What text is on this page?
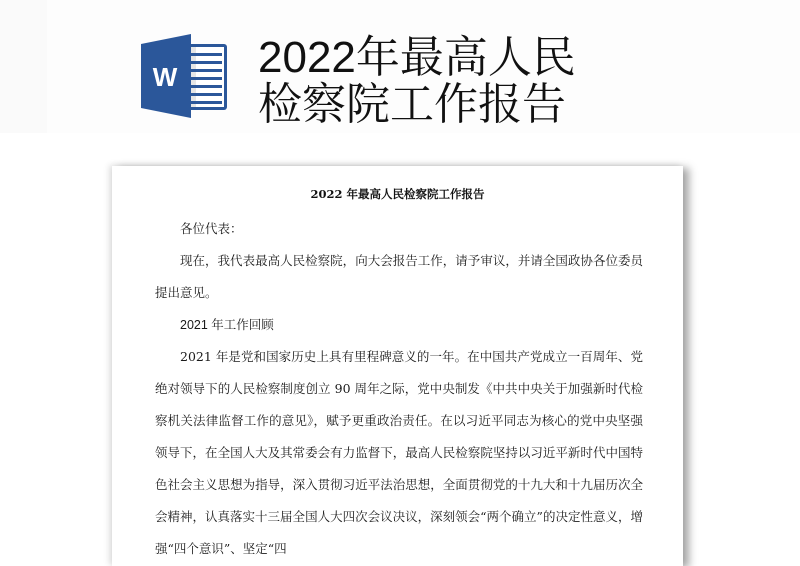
W 2022年最高人民
检察院工作报告
2022 年最高人民检察院工作报告

各位代表：

现在，我代表最高人民检察院，向大会报告工作，请予审议，并请全国政协各位委员提出意见。

2021 年工作回顾

2021 年是党和国家历史上具有里程碑意义的一年。在中国共产党成立一百周年、党绝对领导下的人民检察制度创立 90 周年之际，党中央制发《中共中央关于加强新时代检察机关法律监督工作的意见》，赋予更重政治责任。在以习近平同志为核心的党中央坚强领导下，在全国人大及其常委会有力监督下，最高人民检察院坚持以习近平新时代中国特色社会主义思想为指导，深入贯彻习近平法治思想，全面贯彻党的十九大和十九届历次全会精神，认真落实十三届全国人大四次会议决议，深刻领会“两个确立”的决定性意义，增强“四个意识”、坚定“四
